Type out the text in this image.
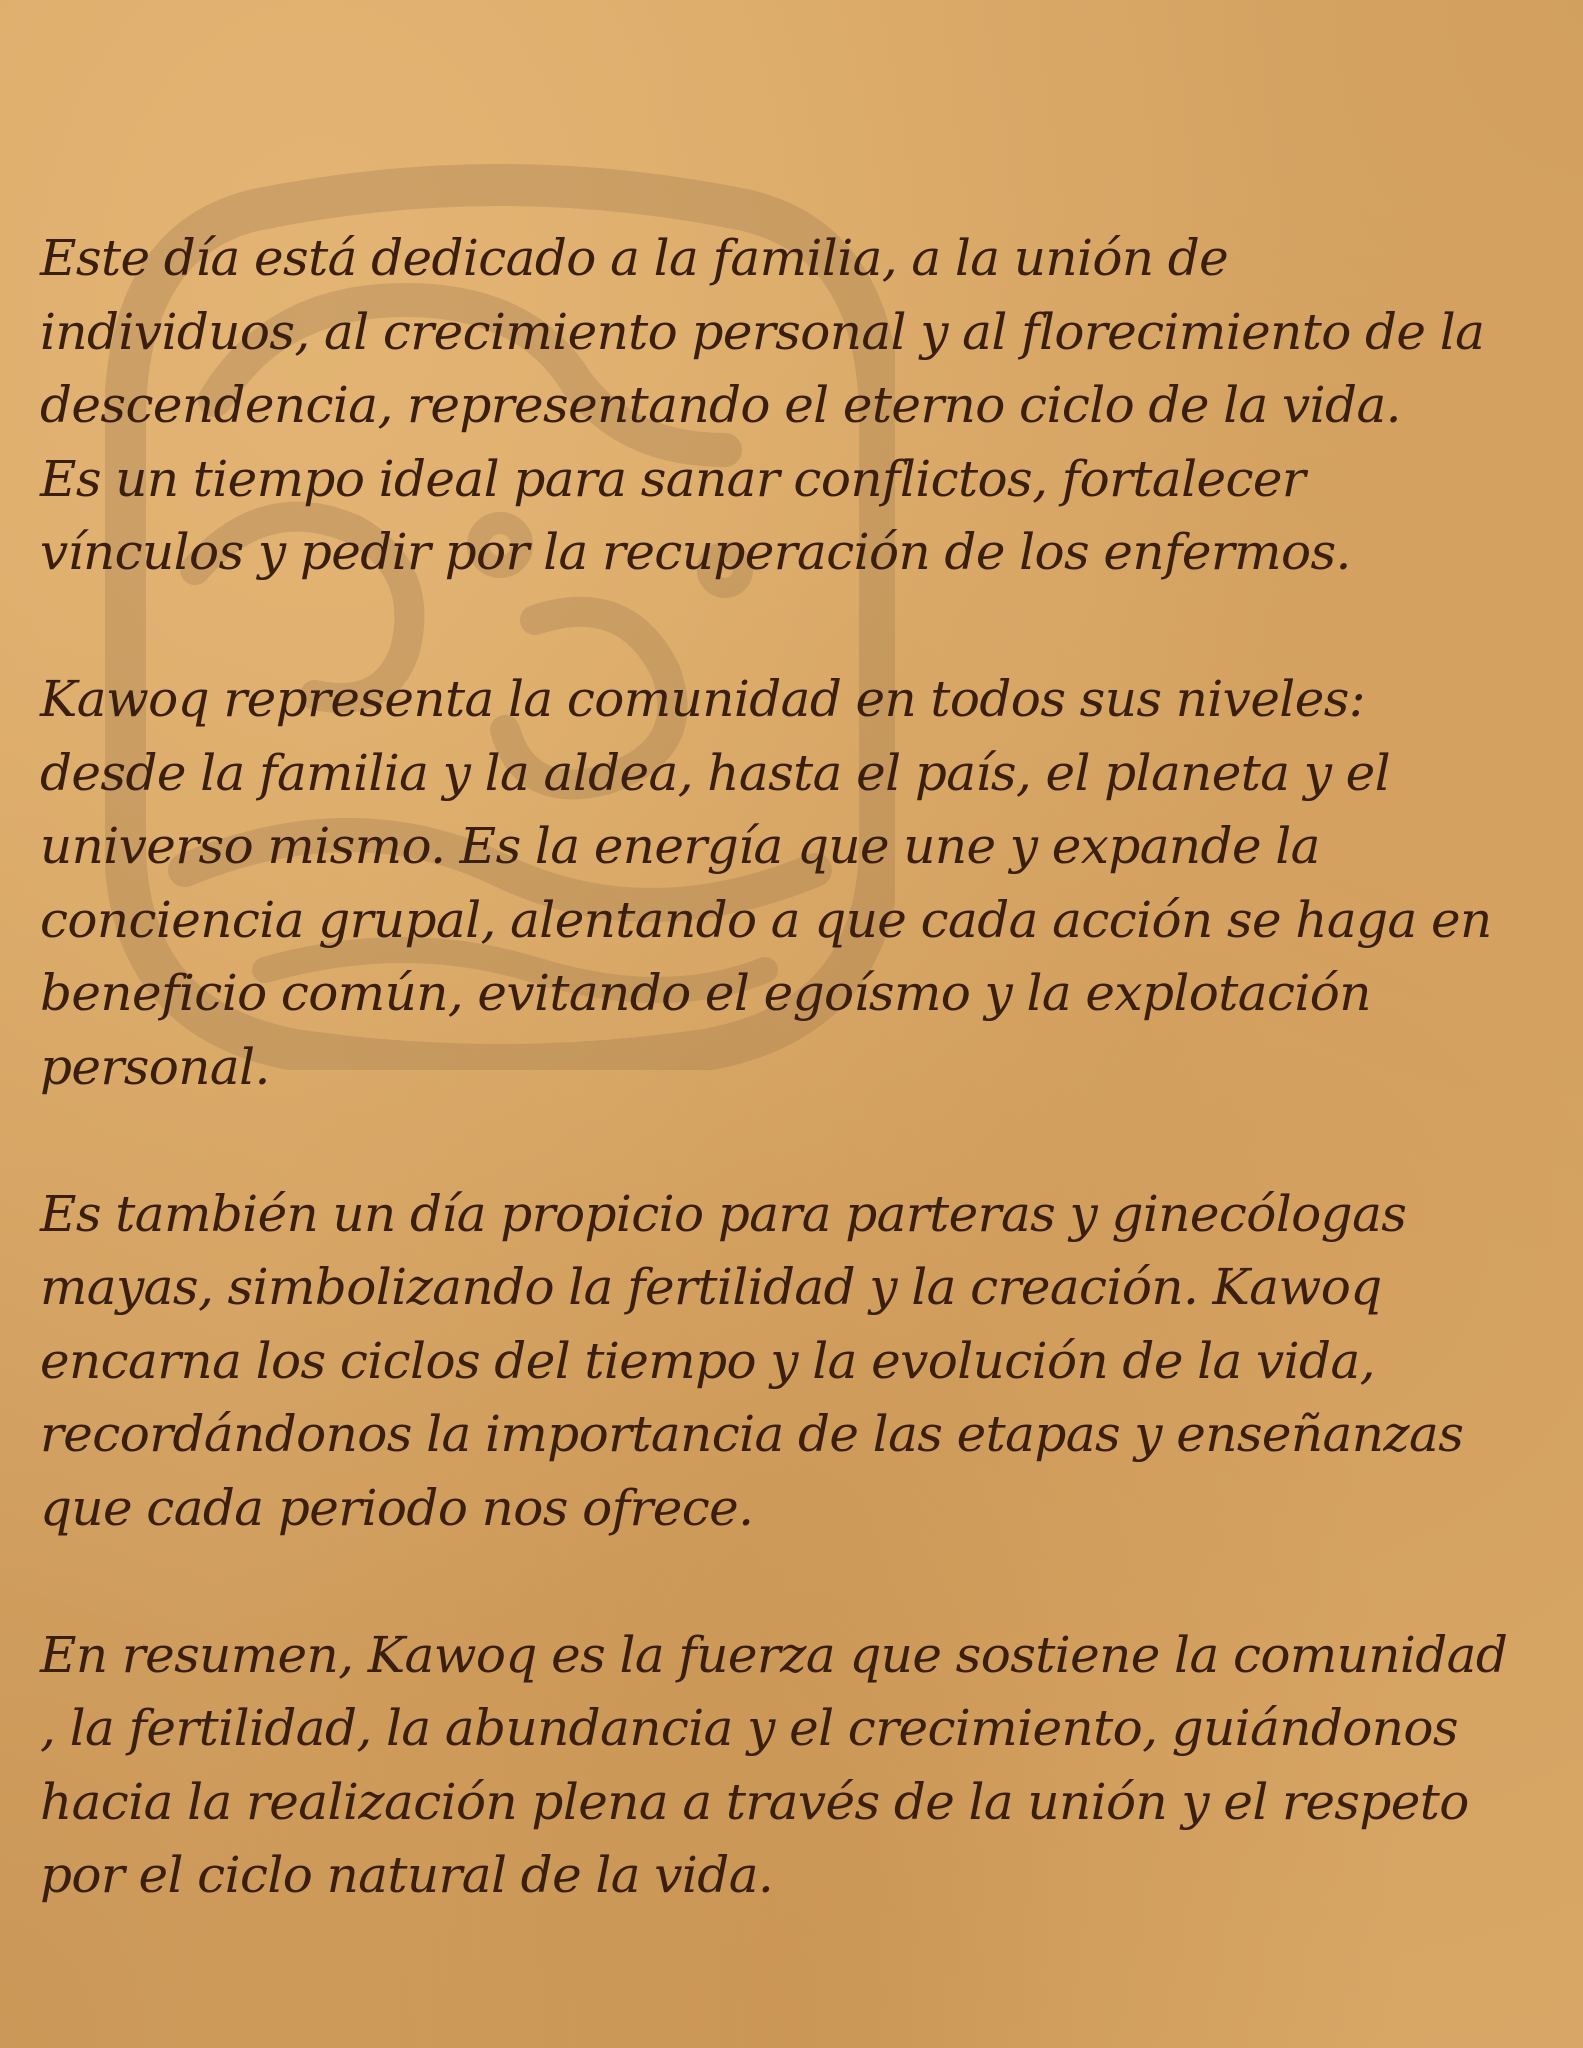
Este día está dedicado a la familia, a la unión de
individuos, al crecimiento personal y al florecimiento de la
descendencia, representando el eterno ciclo de la vida.
Es un tiempo ideal para sanar conflictos, fortalecer
vínculos y pedir por la recuperación de los enfermos.

Kawoq representa la comunidad en todos sus niveles:
desde la familia y la aldea, hasta el país, el planeta y el
universo mismo. Es la energía que une y expande la
conciencia grupal, alentando a que cada acción se haga en
beneficio común, evitando el egoísmo y la explotación
personal.

Es también un día propicio para parteras y ginecólogas
mayas, simbolizando la fertilidad y la creación. Kawoq
encarna los ciclos del tiempo y la evolución de la vida,
recordándonos la importancia de las etapas y enseñanzas
que cada periodo nos ofrece.

En resumen, Kawoq es la fuerza que sostiene la comunidad
, la fertilidad, la abundancia y el crecimiento, guiándonos
hacia la realización plena a través de la unión y el respeto
por el ciclo natural de la vida.
